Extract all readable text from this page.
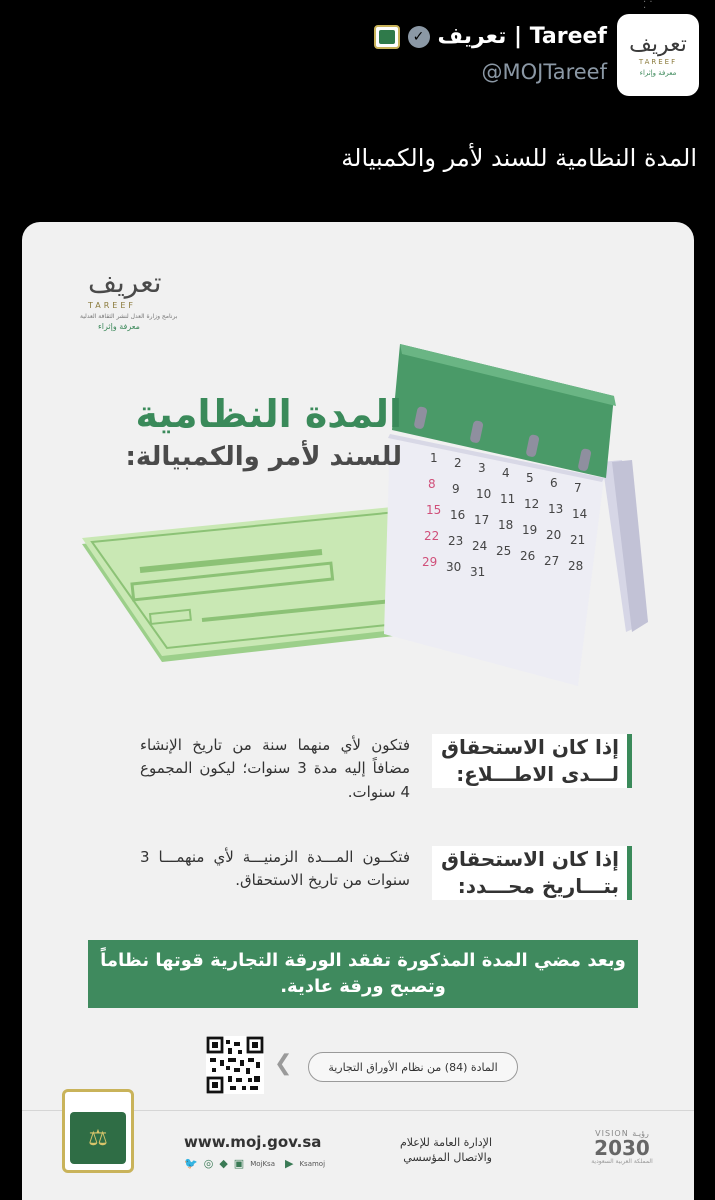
· · ·
تعريف
TAREEF
معرفة وإثراء
✓ تعريف | Tareef
@MOJTareef
المدة النظامية للسند لأمر والكمبيالة
تعريف
TAREEF
برنامج وزارة العدل لنشر الثقافة العدلية
معرفة وإثراء
1 2 3 4 5 6 7
8 9 10 11 12 13 14
15 16 17 18 19 20 21
22 23 24 25 26 27 28
29 30 31
المدة النظامية
للسند لأمر والكمبيالة:
إذا كان الاستحقاق
لـــدى الاطـــلاع:
فتكون لأي منهما سنة من تاريخ الإنشاء مضافاً إليه مدة 3 سنوات؛ ليكون المجموع 4 سنوات.
إذا كان الاستحقاق
بتـــاريخ محـــدد:
فتكــون المـــدة الزمنيـــة لأي منهمـــا 3 سنوات من تاريخ الاستحقاق.

وبعد مضي المدة المذكورة تفقد الورقة التجارية قوتها نظاماً وتصبح ورقة عادية.

❮	المادة (84) من نظام الأوراق التجارية
⚖	www.moj.gov.sa
🐦 ◎ ◆ ▣ MojKsa ▶ Ksamoj
الإدارة العامة للإعلام
والاتصال المؤسسي
VISION رؤيـة
2030
المملكة العربية السعودية
